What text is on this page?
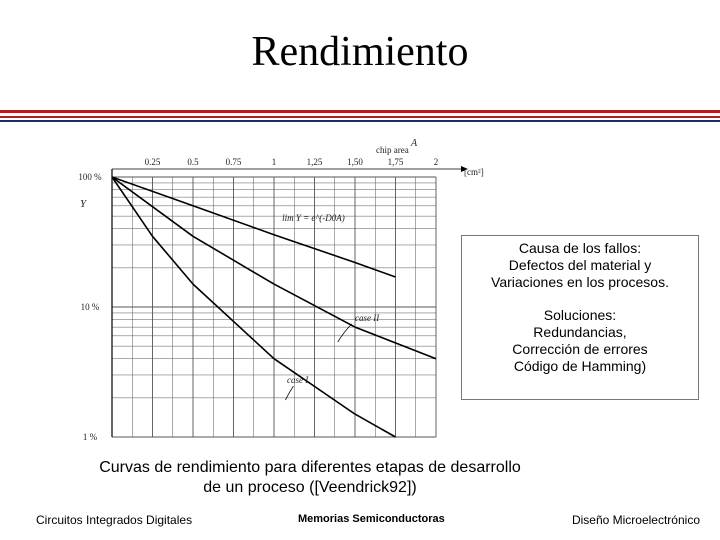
Rendimiento
0.25	0.5	0.75	1	1,25	1,50	1,75	2
[cm²]
chip area
A
100 %
10 %
1 %
Y
lim Y = e^(-D0A)
case II
case I
Causa de los fallos:
Defectos del material y
Variaciones en los procesos.
Soluciones:
Redundancias,
Corrección de errores
Código de Hamming)
Curvas de rendimiento para diferentes etapas de desarrollo
de un proceso ([Veendrick92])
Circuitos Integrados Digitales	Memorias Semiconductoras	Diseño Microelectrónico
